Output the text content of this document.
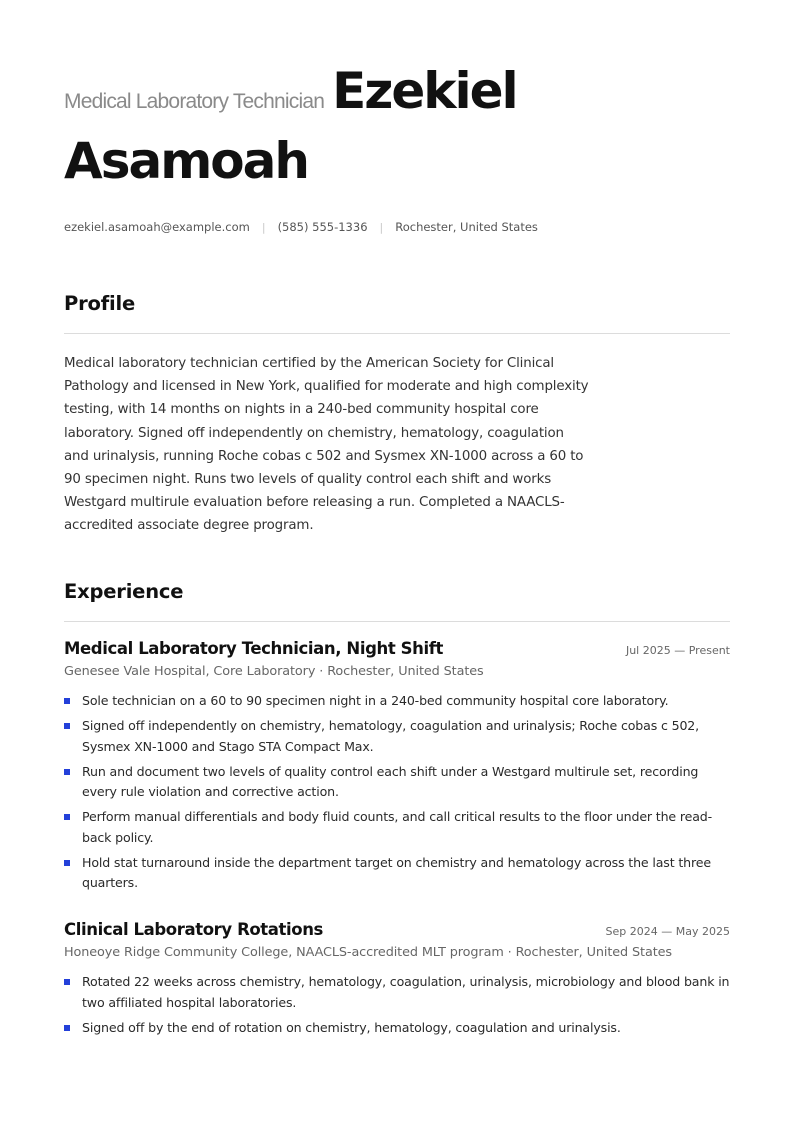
Medical Laboratory Technician Ezekiel
Asamoah
ezekiel.asamoah@example.com | (585) 555-1336 | Rochester, United States
Profile
Medical laboratory technician certified by the American Society for Clinical Pathology and licensed in New York, qualified for moderate and high complexity testing, with 14 months on nights in a 240-bed community hospital core laboratory. Signed off independently on chemistry, hematology, coagulation and urinalysis, running Roche cobas c 502 and Sysmex XN-1000 across a 60 to 90 specimen night. Runs two levels of quality control each shift and works Westgard multirule evaluation before releasing a run. Completed a NAACLS-accredited associate degree program.
Experience
Medical Laboratory Technician, Night Shift	Jul 2025 — Present
Genesee Vale Hospital, Core Laboratory · Rochester, United States
Sole technician on a 60 to 90 specimen night in a 240-bed community hospital core laboratory.
Signed off independently on chemistry, hematology, coagulation and urinalysis; Roche cobas c 502, Sysmex XN-1000 and Stago STA Compact Max.
Run and document two levels of quality control each shift under a Westgard multirule set, recording every rule violation and corrective action.
Perform manual differentials and body fluid counts, and call critical results to the floor under the read-back policy.
Hold stat turnaround inside the department target on chemistry and hematology across the last three quarters.
Clinical Laboratory Rotations	Sep 2024 — May 2025
Honeoye Ridge Community College, NAACLS-accredited MLT program · Rochester, United States
Rotated 22 weeks across chemistry, hematology, coagulation, urinalysis, microbiology and blood bank in two affiliated hospital laboratories.
Signed off by the end of rotation on chemistry, hematology, coagulation and urinalysis.
